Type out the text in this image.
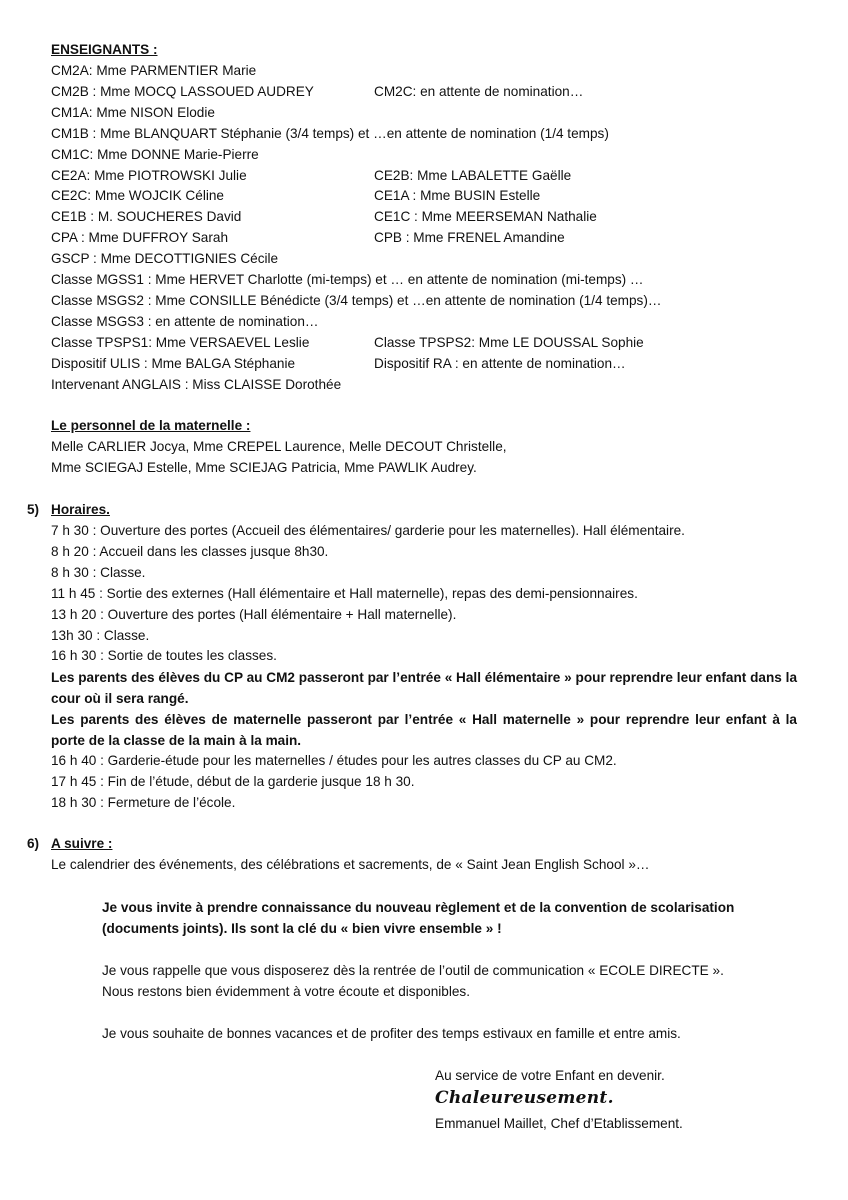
ENSEIGNANTS :
CM2A: Mme PARMENTIER Marie
CM2B : Mme MOCQ LASSOUED AUDREY	CM2C: en attente de nomination…
CM1A: Mme NISON Elodie
CM1B : Mme BLANQUART Stéphanie (3/4 temps) et …en attente de nomination (1/4 temps)
CM1C: Mme DONNE Marie-Pierre
CE2A: Mme PIOTROWSKI Julie	CE2B: Mme LABALETTE Gaëlle
CE2C: Mme WOJCIK Céline	CE1A : Mme BUSIN Estelle
CE1B : M. SOUCHERES David	CE1C : Mme MEERSEMAN Nathalie
CPA : Mme DUFFROY Sarah	CPB : Mme FRENEL Amandine
GSCP : Mme DECOTTIGNIES Cécile
Classe MGSS1 : Mme HERVET Charlotte (mi-temps) et … en attente de nomination (mi-temps) …
Classe MSGS2 : Mme CONSILLE Bénédicte (3/4 temps) et …en attente de nomination (1/4 temps)…
Classe MSGS3 : en attente de nomination…
Classe TPSPS1: Mme VERSAEVEL Leslie	Classe TPSPS2: Mme LE DOUSSAL Sophie
Dispositif ULIS : Mme BALGA Stéphanie	Dispositif RA : en attente de nomination…
Intervenant ANGLAIS : Miss CLAISSE Dorothée
Le personnel de la maternelle :
Melle CARLIER Jocya, Mme CREPEL Laurence, Melle DECOUT Christelle,
Mme SCIEGAJ Estelle, Mme SCIEJAG Patricia, Mme PAWLIK Audrey.
5) Horaires.
7 h 30 : Ouverture des portes (Accueil des élémentaires/ garderie pour les maternelles). Hall élémentaire.
8 h 20 : Accueil dans les classes jusque 8h30.
8 h 30 : Classe.
11 h 45 : Sortie des externes (Hall élémentaire et Hall maternelle), repas des demi-pensionnaires.
13 h 20 : Ouverture des portes (Hall élémentaire + Hall maternelle).
13h 30 : Classe.
16 h 30 : Sortie de toutes les classes.
Les parents des élèves du CP au CM2 passeront par l’entrée « Hall élémentaire » pour reprendre leur enfant dans la cour où il sera rangé.
Les parents des élèves de maternelle passeront par l’entrée « Hall maternelle » pour reprendre leur enfant à la porte de la classe de la main à la main.
16 h 40 : Garderie-étude pour les maternelles / études pour les autres classes du CP au CM2.
17 h 45 : Fin de l’étude, début de la garderie jusque 18 h 30.
18 h 30 : Fermeture de l’école.
6) A suivre :
Le calendrier des événements, des célébrations et sacrements, de « Saint Jean English School »…
Je vous invite à prendre connaissance du nouveau règlement et de la convention de scolarisation (documents joints). Ils sont la clé du « bien vivre ensemble » !
Je vous rappelle que vous disposerez dès la rentrée de l’outil de communication « ECOLE DIRECTE ».
Nous restons bien évidemment à votre écoute et disponibles.
Je vous souhaite de bonnes vacances et de profiter des temps estivaux en famille et entre amis.
Au service de votre Enfant en devenir.
Chaleureusement.
Emmanuel Maillet, Chef d’Etablissement.
